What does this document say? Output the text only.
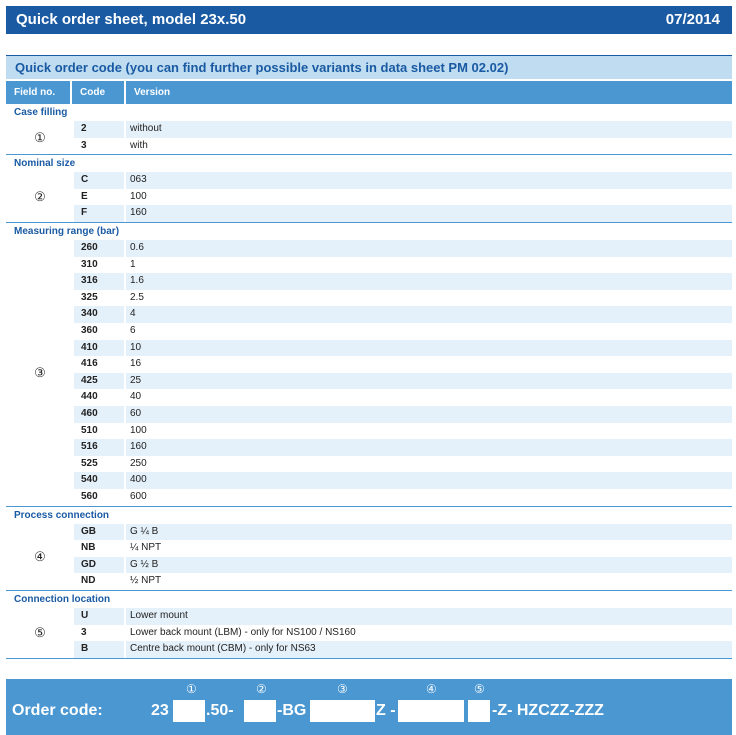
Quick order sheet, model 23x.50	07/2014
Quick order code (you can find further possible variants in data sheet PM 02.02)
Field no.	Code	Version
Case filling
①
2	without
3	with
Nominal size
②
C	063
E	100
F	160
Measuring range (bar)
③
260	0.6
310	1
316	1.6
325	2.5
340	4
360	6
410	10
416	16
425	25
440	40
460	60
510	100
516	160
525	250
540	400
560	600
Process connection
④
GB	G ¼ B
NB	¼ NPT
GD	G ½ B
ND	½ NPT
Connection location
⑤
U	Lower mount
3	Lower back mount (LBM) - only for NS100 / NS160
B	Centre back mount (CBM) - only for NS63
Order code:
①	②	③	④	⑤
23 .50-	-BG	Z -	-Z- HZCZZ-ZZZ
